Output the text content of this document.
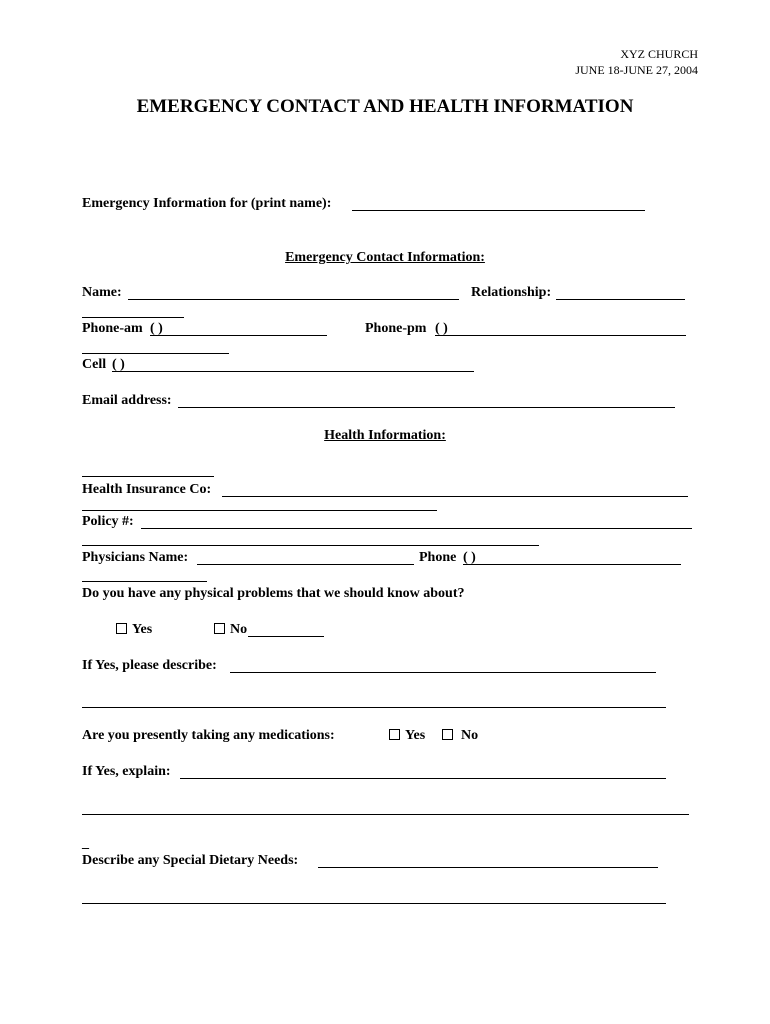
XYZ CHURCH
JUNE 18-JUNE 27, 2004
EMERGENCY CONTACT AND HEALTH INFORMATION
Emergency Information for (print name):
Emergency Contact Information:
Name:	Relationship:
Phone-am ( )	Phone-pm ( )
Cell ( )
Email address:
Health Information:
Health Insurance Co:
Policy #:
Physicians Name:	Phone ( )
Do you have any physical problems that we should know about?
Yes	No
If Yes, please describe:
Are you presently taking any medications:	Yes	No
If Yes, explain:
_
Describe any Special Dietary Needs:
